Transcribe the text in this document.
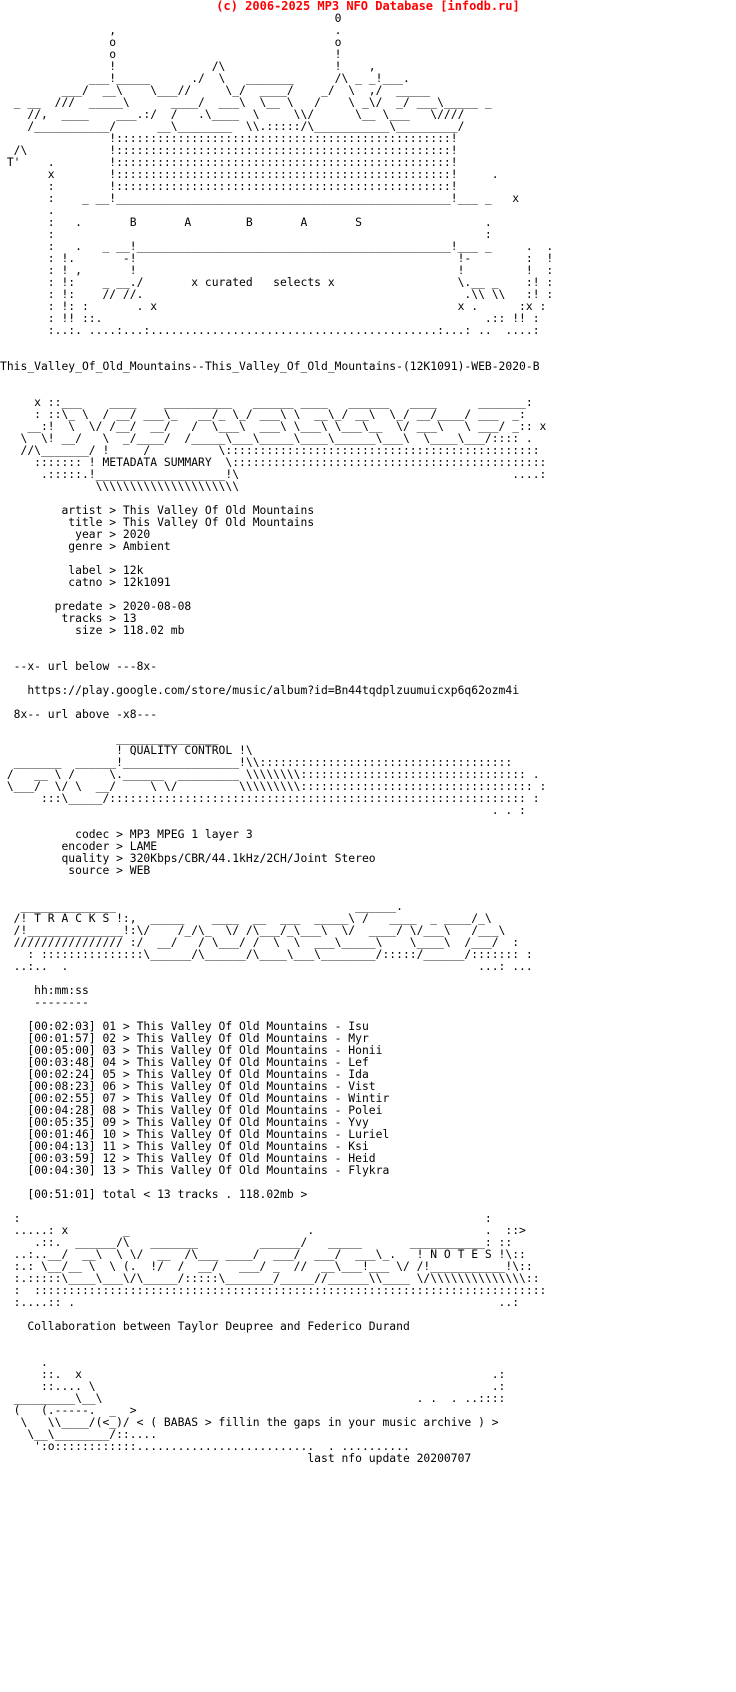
(c) 2006-2025 MP3 NFO Database [infodb.ru]
0
,                                .
o                                o
o                                !
!              /\                !    ,
___!_____      ./  \   _______      /\ _ _!___.
___/  __\    \___//     \_/  ____/    _/  \  ,/  _____
_ __  ///  _____\      ____/  ___\  \__ \   /    \ _\/  _/ ___\_____ _
//,  ____    ___.:/  /   .\____  \     \\/      \__ \___   \////
/___________/      __\________  \\.:::::/\___________\_________/
!:::::::::::::::::::::::::::::::::::::::::::::::::!
/\            !:::::::::::::::::::::::::::::::::::::::::::::::::!
T'    .        !:::::::::::::::::::::::::::::::::::::::::::::::::!
x        !:::::::::::::::::::::::::::::::::::::::::::::::::!     .
:        !:::::::::::::::::::::::::::::::::::::::::::::::::!
:    _ __!_________________________________________________!___ _   x
.
:   .       B       A        B       A       S                  .
:                                                               :
:   .   _ __!______________________________________________!___ _     .  .
: !.       -!                                               !-        :  !
: ! ,       !                                               !         !  :
: !:    _ __./       x curated   selects x                  \.__ _    :! :
: !:    // //.                                               .\\ \\   :! :
: !: :       . x                                            x .      :x :
: !! ::.                                                        .:: !! :
:..:. ....:...:..........................................:...: ..  ....:

This_Valley_Of_Old_Mountains--This_Valley_Of_Old_Mountains-(12K1091)-WEB-2020-B

x ::___    ____    __________   ______ ____   ______   ____      _______:
: ::\_ \  / __/ ___\_   __/_ \_/ ___\ \  __\_/ __\  \_/ __/____/ ___  _:
__:!  \  \/ /__/  __/   /  \___\  ___\ \___\ \___\__  \/ ___\   \ ___/ _:: x
\  \! __/   \  _/____/  /_____\___\_____\____\______\___\  \____\___/:::: .
//\_______/ !     /          \::::::::::::::::::::::::::::::::::::::::::::::
::::::: ! METADATA SUMMARY  \::::::::::::::::::::::::::::::::::::::::::::::
.:::::.!___________________!\                                        ....:
\\\\\\\\\\\\\\\\\\\\\

artist > This Valley Of Old Mountains
title > This Valley Of Old Mountains
year > 2020
genre > Ambient

label > 12k
catno > 12k1091

predate > 2020-08-08
tracks > 13
size > 118.02 mb

--x- url below ---8x-

https://play.google.com/store/music/album?id=Bn44tqdplzuumuicxp6q62ozm4i

8x-- url above -x8---

_______________
! QUALITY CONTROL !\
_______  ______!_________________!\\:::::::::::::::::::::::::::::::::::::
/   __ \ /     \.______  _________ \\\\\\\\::::::::::::::::::::::::::::::::: .
\___/  \/ \  __/     \ \/         \\\\\\\\\:::::::::::::::::::::::::::::::::: :
:::\_____/::::::::::::::::::::::::::::::::::::::::::::::::::::::::::::: :
. . :

codec > MP3 MPEG 1 layer 3
encoder > LAME
quality > 320Kbps/CBR/44.1kHz/2CH/Joint Stereo
source > WEB

______________                                   ______.
/! T R A C K S !:,  _____    ____  __  ___  _____\ /   ____  _ ____/_\
/!______________!:\/    /_/\_  \/ /\___/_\___\  \/  ____/ \/___\   /___\
//////////////// :/  __/   / \___/ /  \  \  ___\_____\    \____\  /___/  :
: :::::::::::::::\______/\______/\____\___\________/:::::/______/::::::: :
..:..  .                                                            ...: ...

hh:mm:ss
--------

[00:02:03] 01 > This Valley Of Old Mountains - Isu
[00:01:57] 02 > This Valley Of Old Mountains - Myr
[00:05:00] 03 > This Valley Of Old Mountains - Honii
[00:03:48] 04 > This Valley Of Old Mountains - Lef
[00:02:24] 05 > This Valley Of Old Mountains - Ida
[00:08:23] 06 > This Valley Of Old Mountains - Vist
[00:02:55] 07 > This Valley Of Old Mountains - Wintir
[00:04:28] 08 > This Valley Of Old Mountains - Polei
[00:05:35] 09 > This Valley Of Old Mountains - Yvy
[00:01:46] 10 > This Valley Of Old Mountains - Luriel
[00:04:13] 11 > This Valley Of Old Mountains - Ksi
[00:03:59] 12 > This Valley Of Old Mountains - Heid
[00:04:30] 13 > This Valley Of Old Mountains - Flykra

[00:51:01] total < 13 tracks . 118.02mb >

:                                                                    :
.....: x        _                          .                         .  ::>
.::.  ______/\   _______         ______/   _____       ___________: ::
..:..__/  __\  \ \/  __  /\___ ____/  ___/  ___/  ___\_.   ! N O T E S !\::
:.: \__/__ \  \ (.  !/  /  __/   ___/ _  //  __\___!___ \/ /!___________!\::
:.:::::\____\___\/\_____/:::::\_______/_____//______\\____ \/\\\\\\\\\\\\\\::
:  :::::::::::::::::::::::::::::::::::::::::::::::::::::::::::::::::::::::::::
:....:: .                                                              ..:

Collaboration between Taylor Deupree and Federico Durand

.
::.  x                                                            .:
::.... \                                                          .:
_________\__\                                              . .  . ..::::
(   (.-----.  _  >
\   \\____/(<_)/ < ( BABAS > fillin the gaps in your music archive ) >
\__\________/::....
':o::::::::::::..........................  . ..........
last nfo update 20200707
